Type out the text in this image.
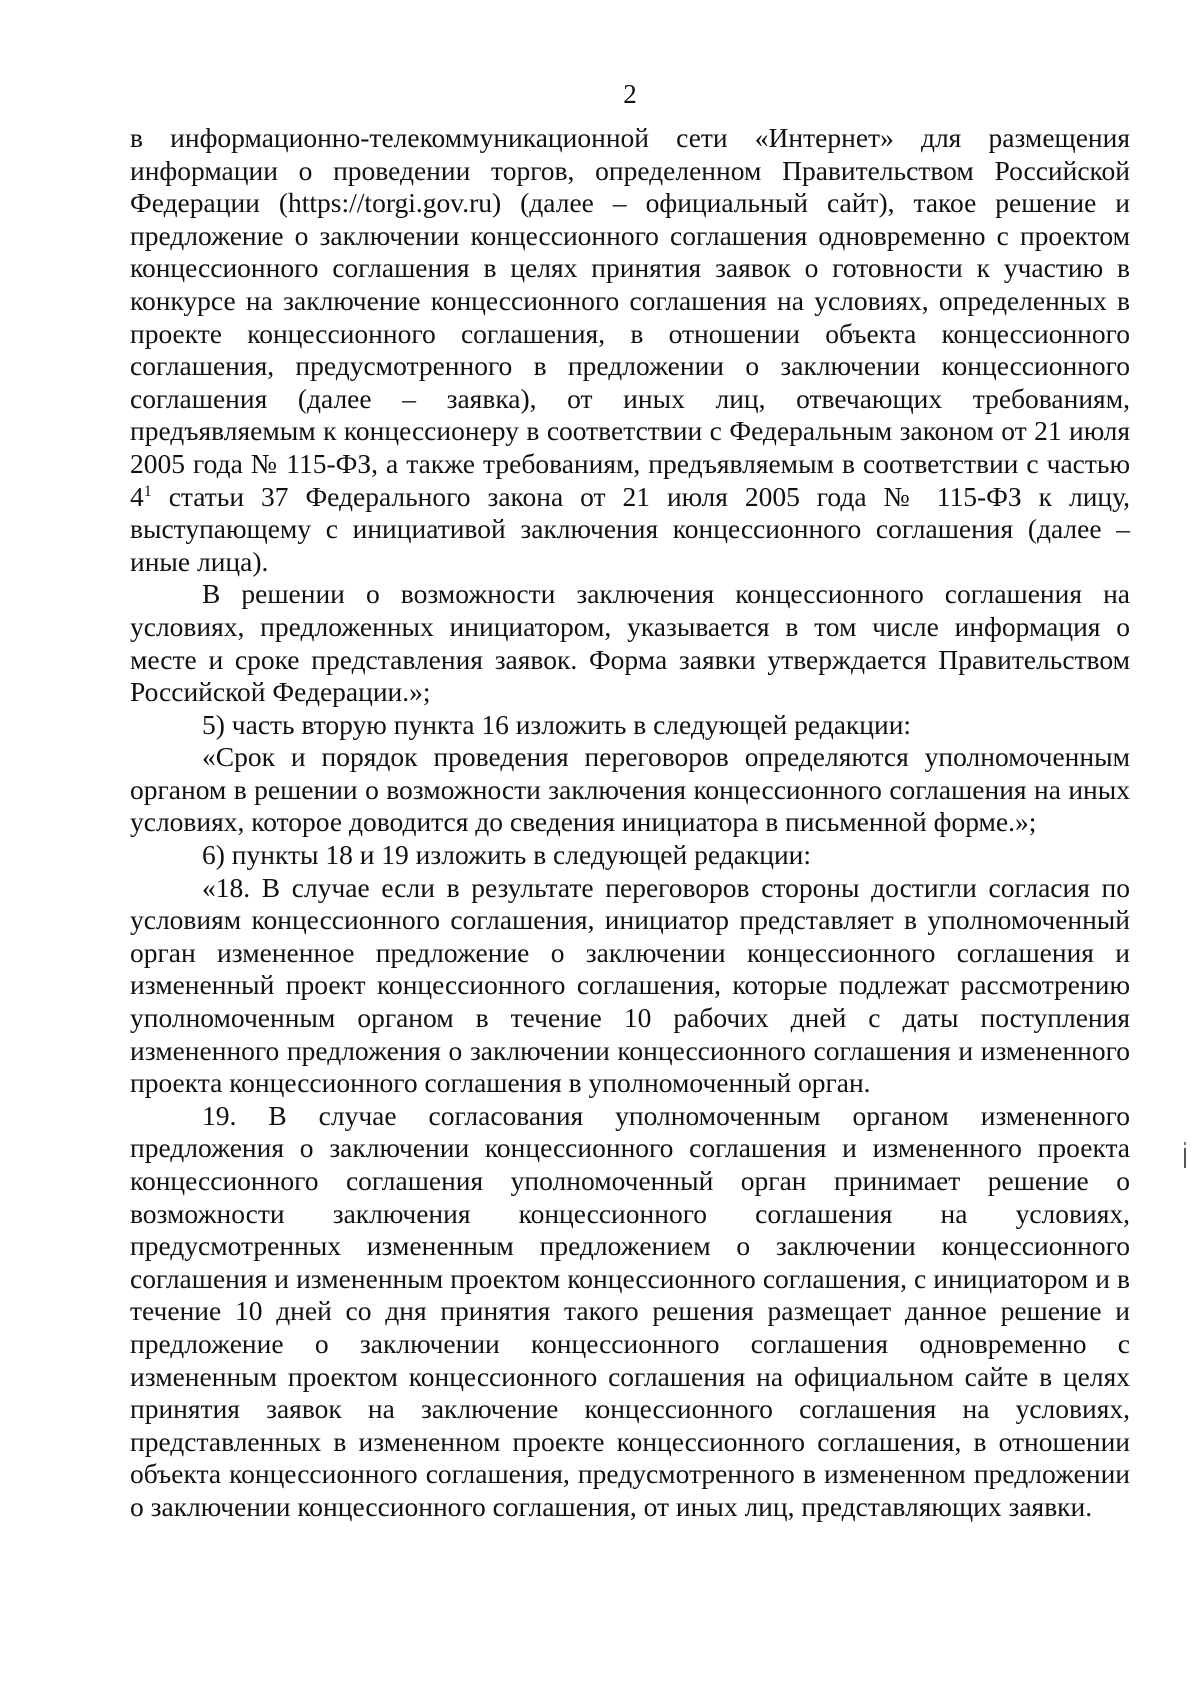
2

в информационно-телекоммуникационной сети «Интернет» для размещения информации о проведении торгов, определенном Правительством Российской Федерации (https://torgi.gov.ru) (далее – официальный сайт), такое решение и предложение о заключении концессионного соглашения одновременно с проектом концессионного соглашения в целях принятия заявок о готовности к участию в конкурсе на заключение концессионного соглашения на условиях, определенных в проекте концессионного соглашения, в отношении объекта концессионного соглашения, предусмотренного в предложении о заключении концессионного соглашения (далее – заявка), от иных лиц, отвечающих требованиям, предъявляемым к концессионеру в соответствии с Федеральным законом от 21 июля 2005 года № 115-ФЗ, а также требованиям, предъявляемым в соответствии с частью $4^1$ статьи 37 Федерального закона от 21 июля 2005 года № 115-ФЗ к лицу, выступающему с инициативой заключения концессионного соглашения (далее – иные лица).

В решении о возможности заключения концессионного соглашения на условиях, предложенных инициатором, указывается в том числе информация о месте и сроке представления заявок. Форма заявки утверждается Правительством Российской Федерации.»;

5) часть вторую пункта 16 изложить в следующей редакции:

«Срок и порядок проведения переговоров определяются уполномоченным органом в решении о возможности заключения концессионного соглашения на иных условиях, которое доводится до сведения инициатора в письменной форме.»;

6) пункты 18 и 19 изложить в следующей редакции:

«18. В случае если в результате переговоров стороны достигли согласия по условиям концессионного соглашения, инициатор представляет в уполномоченный орган измененное предложение о заключении концессионного соглашения и измененный проект концессионного соглашения, которые подлежат рассмотрению уполномоченным органом в течение 10 рабочих дней с даты поступления измененного предложения о заключении концессионного соглашения и измененного проекта концессионного соглашения в уполномоченный орган.

19. В случае согласования уполномоченным органом измененного предложения о заключении концессионного соглашения и измененного проекта концессионного соглашения уполномоченный орган принимает решение о возможности заключения концессионного соглашения на условиях, предусмотренных измененным предложением о заключении концессионного соглашения и измененным проектом концессионного соглашения, с инициатором и в течение 10 дней со дня принятия такого решения размещает данное решение и предложение о заключении концессионного соглашения одновременно с измененным проектом концессионного соглашения на официальном сайте в целях принятия заявок на заключение концессионного соглашения на условиях, представленных в измененном проекте концессионного соглашения, в отношении объекта концессионного соглашения, предусмотренного в измененном предложении о заключении концессионного соглашения, от иных лиц, представляющих заявки.
